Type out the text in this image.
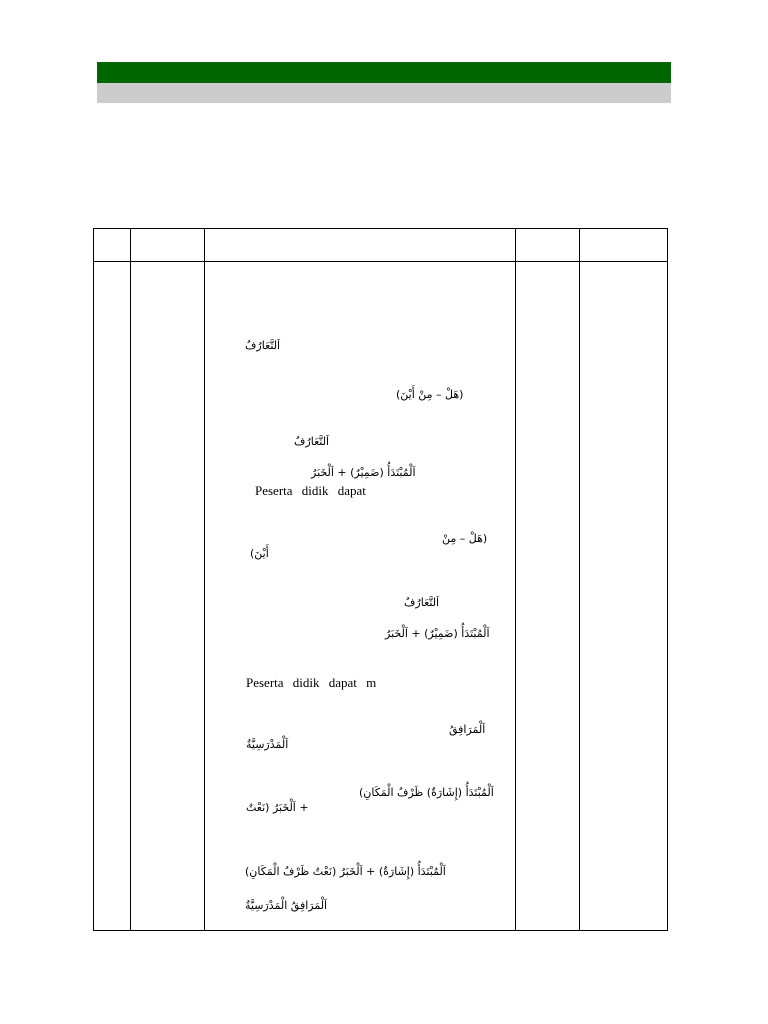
اَلتَّعَارُفُ
(هَلْ – مِنْ أَيْنَ)
اَلتَّعَارُفُ
اَلْمُبْتَدَأُ (ضَمِيْرٌ) + اَلْخَبَرُ
Peserta didik dapat
(هَلْ – مِنْ
أَيْنَ)
اَلتَّعَارُفُ
اَلْمُبْتَدَأُ (ضَمِيْرٌ) + اَلْخَبَرُ
Peserta didik dapat m
اَلْمَرَافِقُ
اَلْمَدْرَسِيَّةُ
اَلْمُبْتَدَأُ (إِشَارَةٌ) ظَرْفُ الْمَكَانِ)
+ اَلْخَبَرُ (نَعْتٌ
اَلْمُبْتَدَأُ (إِشَارَةٌ) + اَلْخَبَرُ (نَعْتٌ ظَرْفُ الْمَكَانِ)
اَلْمَرَافِقُ الْمَدْرَسِيَّةُ
